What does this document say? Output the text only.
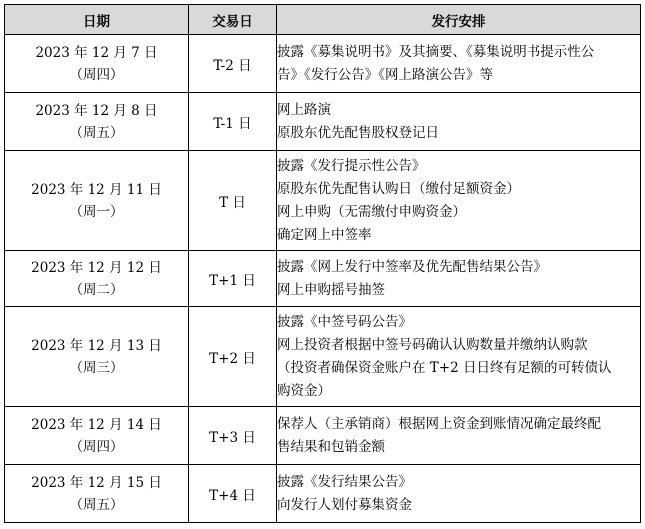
日期	交易日	发行安排

2023 年 12 月 7 日
（周四）	T-2 日	披露《募集说明书》及其摘要、《募集说明书提示性公
告》《发行公告》《网上路演公告》等

2023 年 12 月 8 日
（周五）	T-1 日	网上路演
原股东优先配售股权登记日

2023 年 12 月 11 日
（周一）	T 日	披露《发行提示性公告》
原股东优先配售认购日（缴付足额资金）
网上申购（无需缴付申购资金）
确定网上中签率

2023 年 12 月 12 日
（周二）	T+1 日	披露《网上发行中签率及优先配售结果公告》
网上申购摇号抽签

2023 年 12 月 13 日
（周三）	T+2 日	披露《中签号码公告》
网上投资者根据中签号码确认认购数量并缴纳认购款
（投资者确保资金账户在 T+2 日日终有足额的可转债认
购资金）

2023 年 12 月 14 日
（周四）	T+3 日	保荐人（主承销商）根据网上资金到账情况确定最终配
售结果和包销金额

2023 年 12 月 15 日
（周五）	T+4 日	披露《发行结果公告》
向发行人划付募集资金
